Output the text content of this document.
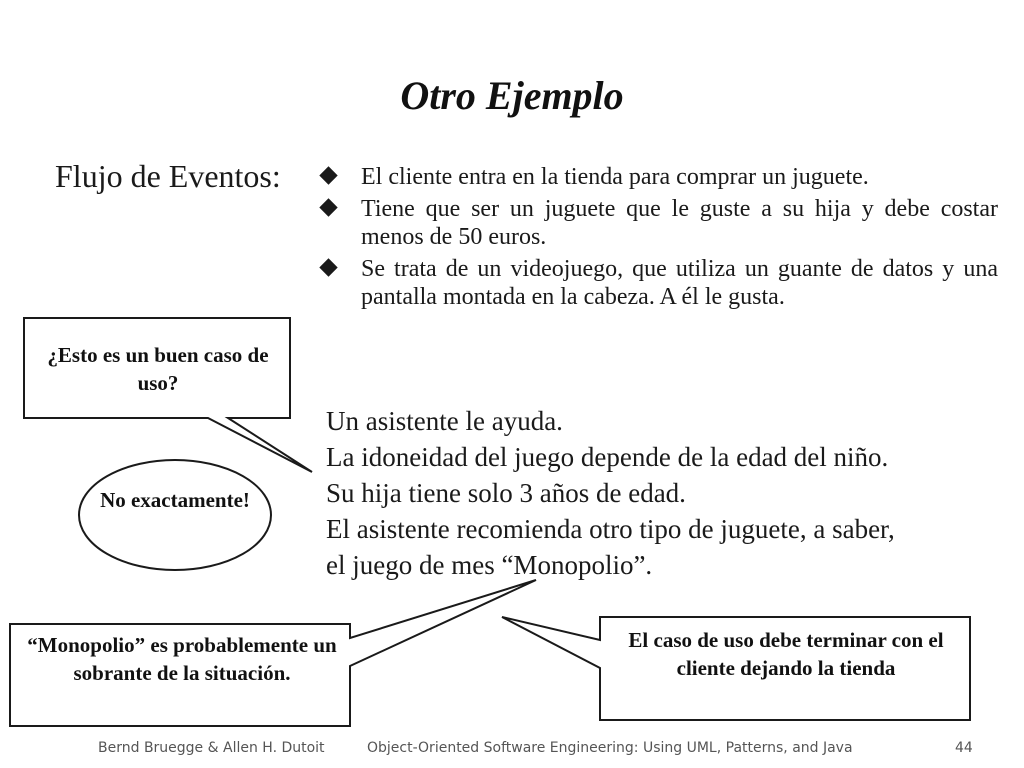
Otro Ejemplo
Flujo de Eventos:	El cliente entra en la tienda para comprar un juguete.
Tiene que ser un juguete que le guste a su hija y debe costar menos de 50 euros.
Se trata de un videojuego, que utiliza un guante de datos y una pantalla montada en la cabeza. A él le gusta.
Un asistente le ayuda.
La idoneidad del juego depende de la edad del niño.
Su hija tiene solo 3 años de edad.
El asistente recomienda otro tipo de juguete, a saber,
el juego de mes “Monopolio”.
¿Esto es un buen caso de uso?
No exactamente!
“Monopolio” es probablemente un sobrante de la situación.
El caso de uso debe terminar con el cliente dejando la tienda
Bernd Bruegge & Allen H. Dutoit	Object-Oriented Software Engineering: Using UML, Patterns, and Java	44
